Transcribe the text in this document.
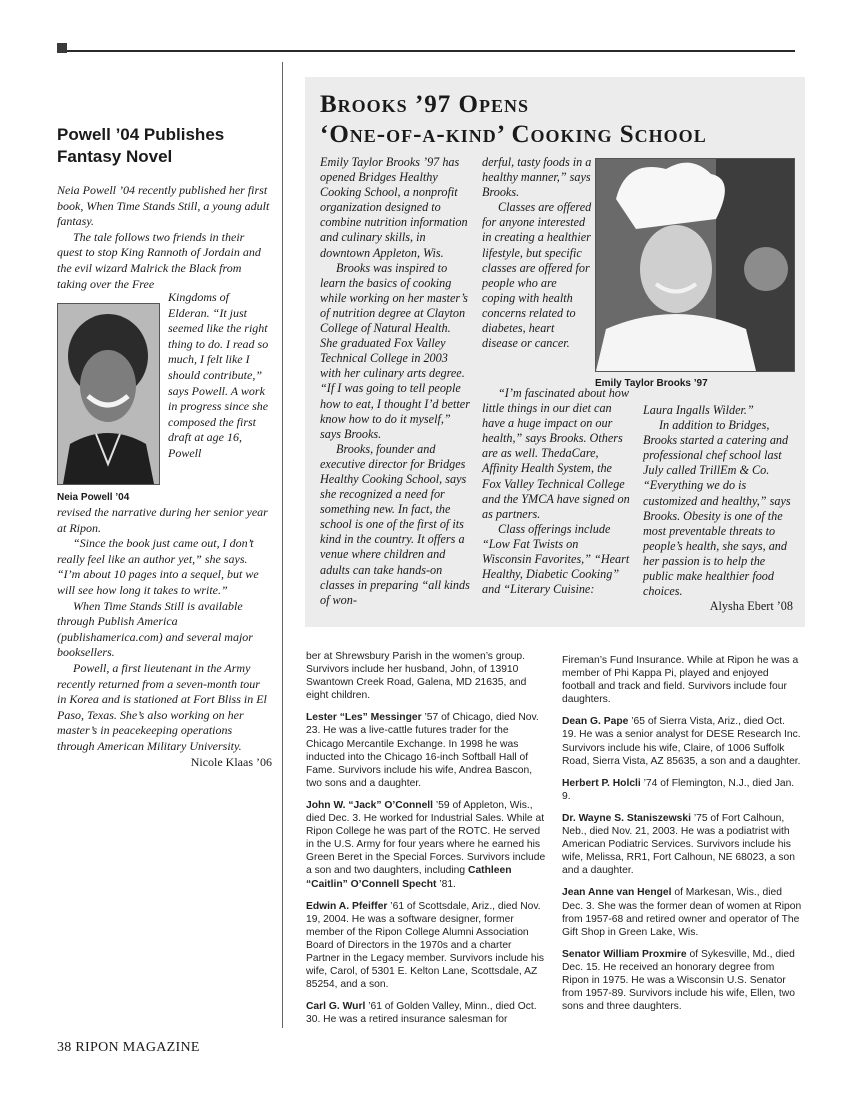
Powell ’04 Publishes Fantasy Novel

Neia Powell ’04 recently published her first book, When Time Stands Still, a young adult fantasy.

The tale follows two friends in their quest to stop King Rannoth of Jordain and the evil wizard Malrick the Black from taking over the Free

Neia Powell ’04
Kingdoms of Elderan. “It just seemed like the right thing to do. I read so much, I felt like I should contribute,” says Powell. A work in progress since she composed the first draft at age 16, Powell

revised the narrative during her senior year at Ripon.

“Since the book just came out, I don’t really feel like an author yet,” she says. “I’m about 10 pages into a sequel, but we will see how long it takes to write.”

When Time Stands Still is available through Publish America (publishamerica.com) and several major booksellers.

Powell, a first lieutenant in the Army recently returned from a seven-month tour in Korea and is stationed at Fort Bliss in El Paso, Texas. She’s also working on her master’s in peacekeeping operations through American Military University.

Nicole Klaas ’06

Brooks ’97 Opens
‘One-of-a-kind’ Cooking School

Emily Taylor Brooks ’97 has opened Bridges Healthy Cooking School, a nonprofit organization designed to combine nutrition information and culinary skills, in downtown Appleton, Wis.

Brooks was inspired to learn the basics of cooking while working on her master’s of nutrition degree at Clayton College of Natural Health. She graduated Fox Valley Technical College in 2003 with her culinary arts degree. “If I was going to tell people how to eat, I thought I’d better know how to do it myself,” says Brooks.

Brooks, founder and executive director for Bridges Healthy Cooking School, says she recognized a need for something new. In fact, the school is one of the first of its kind in the country. It offers a venue where children and adults can take hands-on classes in preparing “all kinds of won-

derful, tasty foods in a healthy manner,” says Brooks.

Classes are offered for anyone interested in creating a healthier lifestyle, but specific classes are offered for people who are coping with health concerns related to diabetes, heart disease or cancer.

“I’m fascinated about how little things in our diet can have a huge impact on our health,” says Brooks. Others are as well. ThedaCare, Affinity Health System, the Fox Valley Technical College and the YMCA have signed on as partners.

Class offerings include “Low Fat Twists on Wisconsin Favorites,” “Heart Healthy, Diabetic Cooking” and “Literary Cuisine:

Emily Taylor Brooks ’97

Laura Ingalls Wilder.”

In addition to Bridges, Brooks started a catering and professional chef school last July called TrillEm & Co. “Everything we do is customized and healthy,” says Brooks. Obesity is one of the most preventable threats to people’s health, she says, and her passion is to help the public make healthier food choices.

Alysha Ebert ’08

ber at Shrewsbury Parish in the women’s group. Survivors include her husband, John, of 13910 Swantown Creek Road, Galena, MD 21635, and eight children.

Lester “Les” Messinger ’57 of Chicago, died Nov. 23. He was a live-cattle futures trader for the Chicago Mercantile Exchange. In 1998 he was inducted into the Chicago 16-inch Softball Hall of Fame. Survivors include his wife, Andrea Bascon, two sons and a daughter.

John W. “Jack” O’Connell ’59 of Appleton, Wis., died Dec. 3. He worked for Industrial Sales. While at Ripon College he was part of the ROTC. He served in the U.S. Army for four years where he earned his Green Beret in the Special Forces. Survivors include a son and two daughters, including Cathleen “Caitlin” O’Connell Specht ’81.

Edwin A. Pfeiffer ’61 of Scottsdale, Ariz., died Nov. 19, 2004. He was a software designer, former member of the Ripon College Alumni Association Board of Directors in the 1970s and a charter Partner in the Legacy member. Survivors include his wife, Carol, of 5301 E. Kelton Lane, Scottsdale, AZ 85254, and a son.

Carl G. Wurl ’61 of Golden Valley, Minn., died Oct. 30. He was a retired insurance salesman for

Fireman’s Fund Insurance. While at Ripon he was a member of Phi Kappa Pi, played and enjoyed football and track and field. Survivors include four daughters.

Dean G. Pape ’65 of Sierra Vista, Ariz., died Oct. 19. He was a senior analyst for DESE Research Inc. Survivors include his wife, Claire, of 1006 Suffolk Road, Sierra Vista, AZ 85635, a son and a daughter.

Herbert P. Holcli ’74 of Flemington, N.J., died Jan. 9.

Dr. Wayne S. Staniszewski ’75 of Fort Calhoun, Neb., died Nov. 21, 2003. He was a podiatrist with American Podiatric Services. Survivors include his wife, Melissa, RR1, Fort Calhoun, NE 68023, a son and a daughter.

Jean Anne van Hengel of Markesan, Wis., died Dec. 3. She was the former dean of women at Ripon from 1957-68 and retired owner and operator of The Gift Shop in Green Lake, Wis.

Senator William Proxmire of Sykesville, Md., died Dec. 15. He received an honorary degree from Ripon in 1975. He was a Wisconsin U.S. Senator from 1957-89. Survivors include his wife, Ellen, two sons and three daughters.

38 RIPON MAGAZINE
